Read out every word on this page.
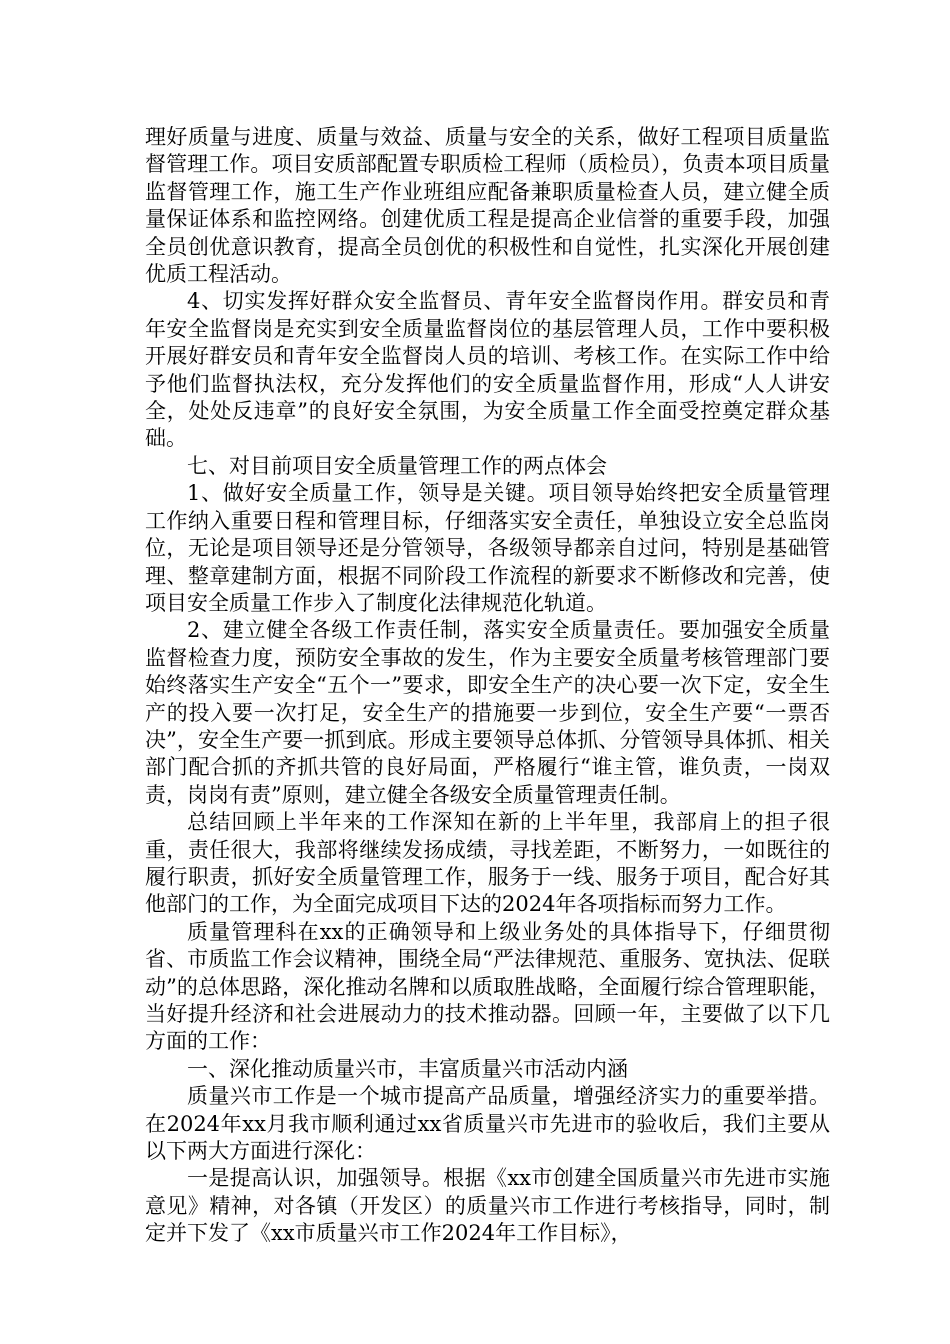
理好质量与进度、质量与效益、质量与安全的关系，做好工程项目质量监督管理工作。项目安质部配置专职质检工程师（质检员），负责本项目质量监督管理工作，施工生产作业班组应配备兼职质量检查人员，建立健全质量保证体系和监控网络。创建优质工程是提高企业信誉的重要手段，加强全员创优意识教育，提高全员创优的积极性和自觉性，扎实深化开展创建优质工程活动。

4、切实发挥好群众安全监督员、青年安全监督岗作用。群安员和青年安全监督岗是充实到安全质量监督岗位的基层管理人员，工作中要积极开展好群安员和青年安全监督岗人员的培训、考核工作。在实际工作中给予他们监督执法权，充分发挥他们的安全质量监督作用，形成“人人讲安全，处处反违章”的良好安全氛围，为安全质量工作全面受控奠定群众基础。

七、对目前项目安全质量管理工作的两点体会

1、做好安全质量工作，领导是关键。项目领导始终把安全质量管理工作纳入重要日程和管理目标，仔细落实安全责任，单独设立安全总监岗位，无论是项目领导还是分管领导，各级领导都亲自过问，特别是基础管理、整章建制方面，根据不同阶段工作流程的新要求不断修改和完善，使项目安全质量工作步入了制度化法律规范化轨道。

2、建立健全各级工作责任制，落实安全质量责任。要加强安全质量监督检查力度，预防安全事故的发生，作为主要安全质量考核管理部门要始终落实生产安全“五个一”要求，即安全生产的决心要一次下定，安全生产的投入要一次打足，安全生产的措施要一步到位，安全生产要“一票否决”，安全生产要一抓到底。形成主要领导总体抓、分管领导具体抓、相关部门配合抓的齐抓共管的良好局面，严格履行“谁主管，谁负责，一岗双责，岗岗有责”原则，建立健全各级安全质量管理责任制。

总结回顾上半年来的工作深知在新的上半年里，我部肩上的担子很重，责任很大，我部将继续发扬成绩，寻找差距，不断努力，一如既往的履行职责，抓好安全质量管理工作，服务于一线、服务于项目，配合好其他部门的工作，为全面完成项目下达的2024年各项指标而努力工作。

质量管理科在xx的正确领导和上级业务处的具体指导下，仔细贯彻省、市质监工作会议精神，围绕全局“严法律规范、重服务、宽执法、促联动”的总体思路，深化推动名牌和以质取胜战略，全面履行综合管理职能，当好提升经济和社会进展动力的技术推动器。回顾一年，主要做了以下几方面的工作：

一、深化推动质量兴市，丰富质量兴市活动内涵

质量兴市工作是一个城市提高产品质量，增强经济实力的重要举措。在2024年xx月我市顺利通过xx省质量兴市先进市的验收后，我们主要从以下两大方面进行深化：

一是提高认识，加强领导。根据《xx市创建全国质量兴市先进市实施意见》精神，对各镇（开发区）的质量兴市工作进行考核指导，同时，制定并下发了《xx市质量兴市工作2024年工作目标》，
